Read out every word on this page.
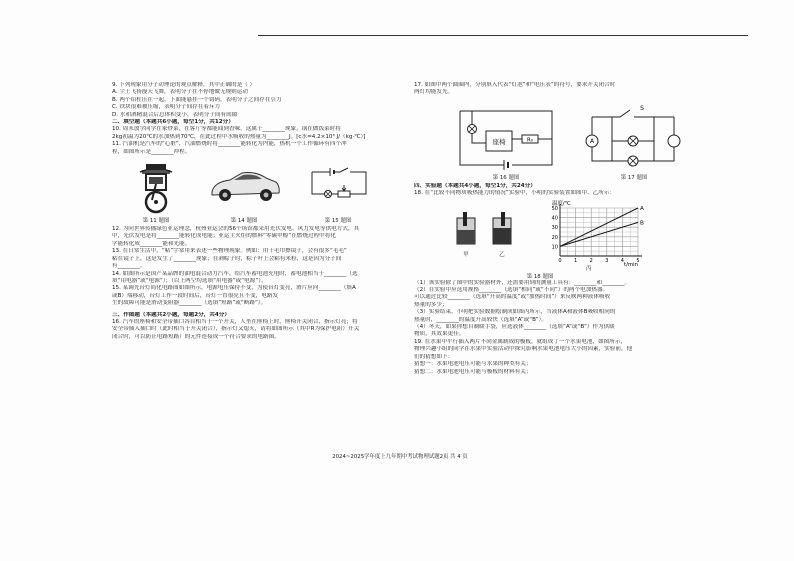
9. 下列现象用分子动理论的观点解释，其中正确的是（ ）
A. 尘土飞扬漫天飞舞，表明分子在不停地做无规则运动
B. 两个铅柱压在一起，下面能悬挂一个钩码，表明分子之间存在引力
C. 铁块很难被压缩，表明分子间存在着斥力
D. 水和酒精混合后总体积变小，表明分子间有间隙
二、填空题（本题共6小题，每空1分，共12分）
10. 周末放学同学在家炒菜，在客厅等都能闻到香味，这属于________现象。锅在做饭菜时将
2kg初温为20℃的水加热到70℃，在此过程中水吸收的热量为________J。[c水=4.2×10³ J/（kg·℃）]
11. 汽油机是汽车的“心脏”，汽油燃烧时将________能转化为内能，热机一个工作循环有四个冲
程，如图所示是________冲程。
第 11 题图	第 14 题图	第 15 题图
12. 为向世界传播绿色亚运理念，杭州亚运会的56个场馆都采用光伏发电、风力发电等供电方式，其
中，光伏发电是将________能转化成电能；亚运主火炬的燃料“零碳甲醇”在燃烧过程中将化
学能转化成________能和光能。
13. 在日常生活中，“粘”字常用来表述一些物理现象。例如：用干毛巾擦镜子，会有很多“毛毛”
粘在镜子上，这是发生了________现象；在剥粽子时，粽子叶上会粘有米粒，这是因为分子间
有________。
14. 如图所示是国产某品牌的油电混合动力汽车，给汽车蓄电池充电时，蓄电池相当于________（选
填“用电器”或“电源”）；（以上两空均选填“用电器”或“电源”）。
15. 某调光台灯简化电路图如图所示，电源电压保持不变，为使台灯变亮，滑片应向________（填A
或B）端移动，台灯工作一段时间后，台灯一直很亮且不变，电路发
生的故障可能是滑动变阻器________（选填“短路”或“断路”）。
三、作图题（本题共2小题，每题2分，共4分）
16. 汽车的座椅和安全带插口各自相当于一个开关，人坐在座椅上时，座椅开关闭合，指示灯亮；将
安全带插入插口时（此时相当于开关闭合），指示灯又熄灭，请将如图所示（其中R为保护电阻）开关
闭合时，可以防止电路短路）的元件连接成一个符合要求的电路图。
17. 如图中两个圆圈内，分别填入代表“灯泡”和“电压表”的符号，要求开关闭合时
两灯均能发光。
座椅	R₀	A
S
第 16 题图	第 17 题图
四、实验题（本题共4小题，每空1分，共24分）
18. 在“比较不同物质吸热能力的情况”实验中，小明的实验装置如图甲、乙所示：
甲	乙
50
40
30
20
10
0 1 2 3 4 5
A
B
温度/℃
t/min
丙
第 18 题图
（1）该实验除了图中的实验器材外，还需要用到的测量工具有：________和________。
（2）在实验中应选用规格________（选填“相同”或“不同”）的两个电加热器。
可以通过比较________（选填“升高的温度”或“加热时间”）来反映两种液体吸收
热量的多少；
（3）实验结束，小明把实验数据绘制成如图丙所示，当液体A和液体B吸收相同的
热量时，________的温度升高较快（选填“A”或“B”）。
（4）冬天，如果你想自制暖手袋，应选液体________（选填“A”或“B”）作为供暖
物质，其效果更佳。
19. 在水果中平行插入两片不同金属制成的极板，就组成了一个水果电池，如图所示，
物理兴趣小组的同学在水果中实验活动中探究影响水果电池电压大小的因素，实验前，他
们的猜想如下：
猜想一：水果电池电压可能与水果的种类有关；
猜想二：水果电池电压可能与极板的材料有关；
2024~2025学年度上九年期中考试物理试题2页 共 4 页
